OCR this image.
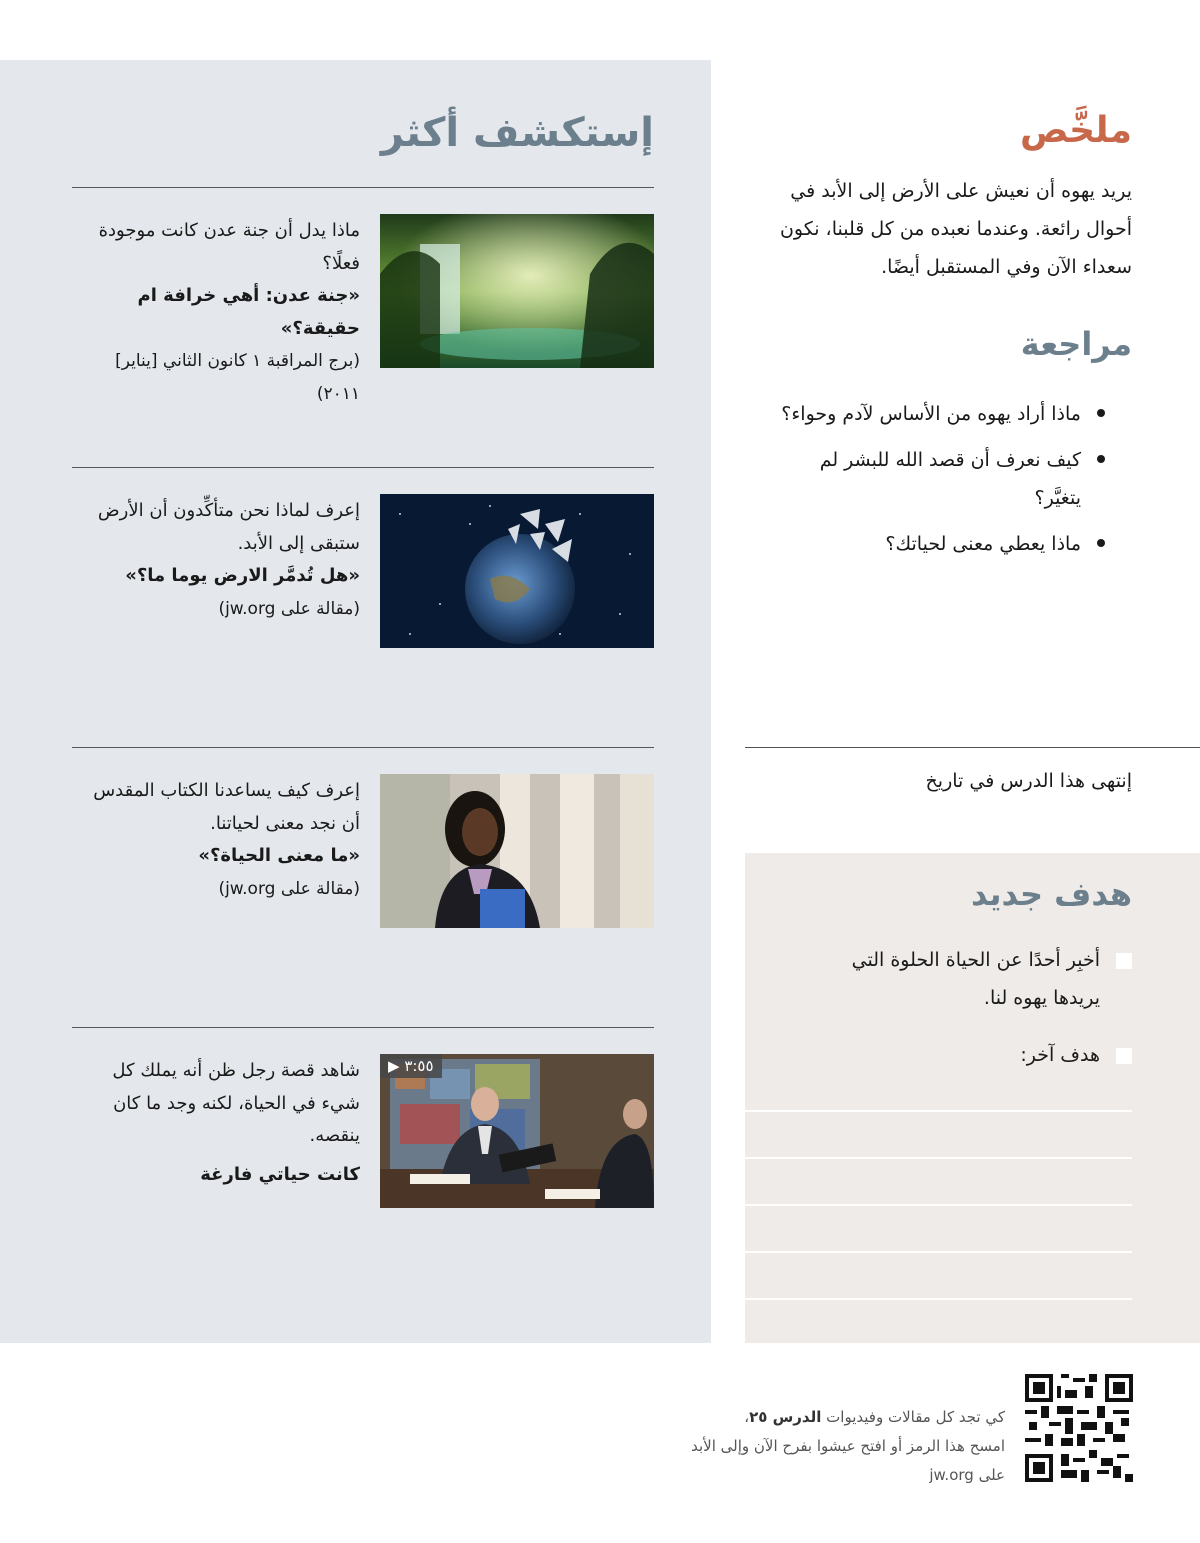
إستكشف أكثر
ماذا يدل أن جنة عدن كانت موجودة فعلًا؟
«جنة عدن: أهي خرافة ام حقيقة؟»
(برج المراقبة ١ كانون الثاني [يناير] ٢٠١١)
إعرف لماذا نحن متأكِّدون أن الأرض ستبقى إلى الأبد.
«هل تُدمَّر الارض يوما ما؟»
(مقالة على jw.org)
إعرف كيف يساعدنا الكتاب المقدس أن نجد معنى لحياتنا.
«ما معنى الحياة؟»
(مقالة على jw.org)
▶ ٣:٥٥
شاهد قصة رجل ظن أنه يملك كل شيء في الحياة، لكنه وجد ما كان ينقصه.
كانت حياتي فارغة
ملخَّص

يريد يهوه أن نعيش على الأرض إلى الأبد في أحوال رائعة. وعندما نعبده من كل قلبنا، نكون سعداء الآن وفي المستقبل أيضًا.

مراجعة
ماذا أراد يهوه من الأساس لآدم وحواء؟
كيف نعرف أن قصد الله للبشر لم يتغيَّر؟
ماذا يعطي معنى لحياتك؟
إنتهى هذا الدرس في تاريخ
هدف جديد
أخبِر أحدًا عن الحياة الحلوة التي يريدها يهوه لنا.
هدف آخر:
كي تجد كل مقالات وفيديوات الدرس ٢٥،
امسح هذا الرمز أو افتح عيشوا بفرح الآن وإلى الأبد على jw.org
